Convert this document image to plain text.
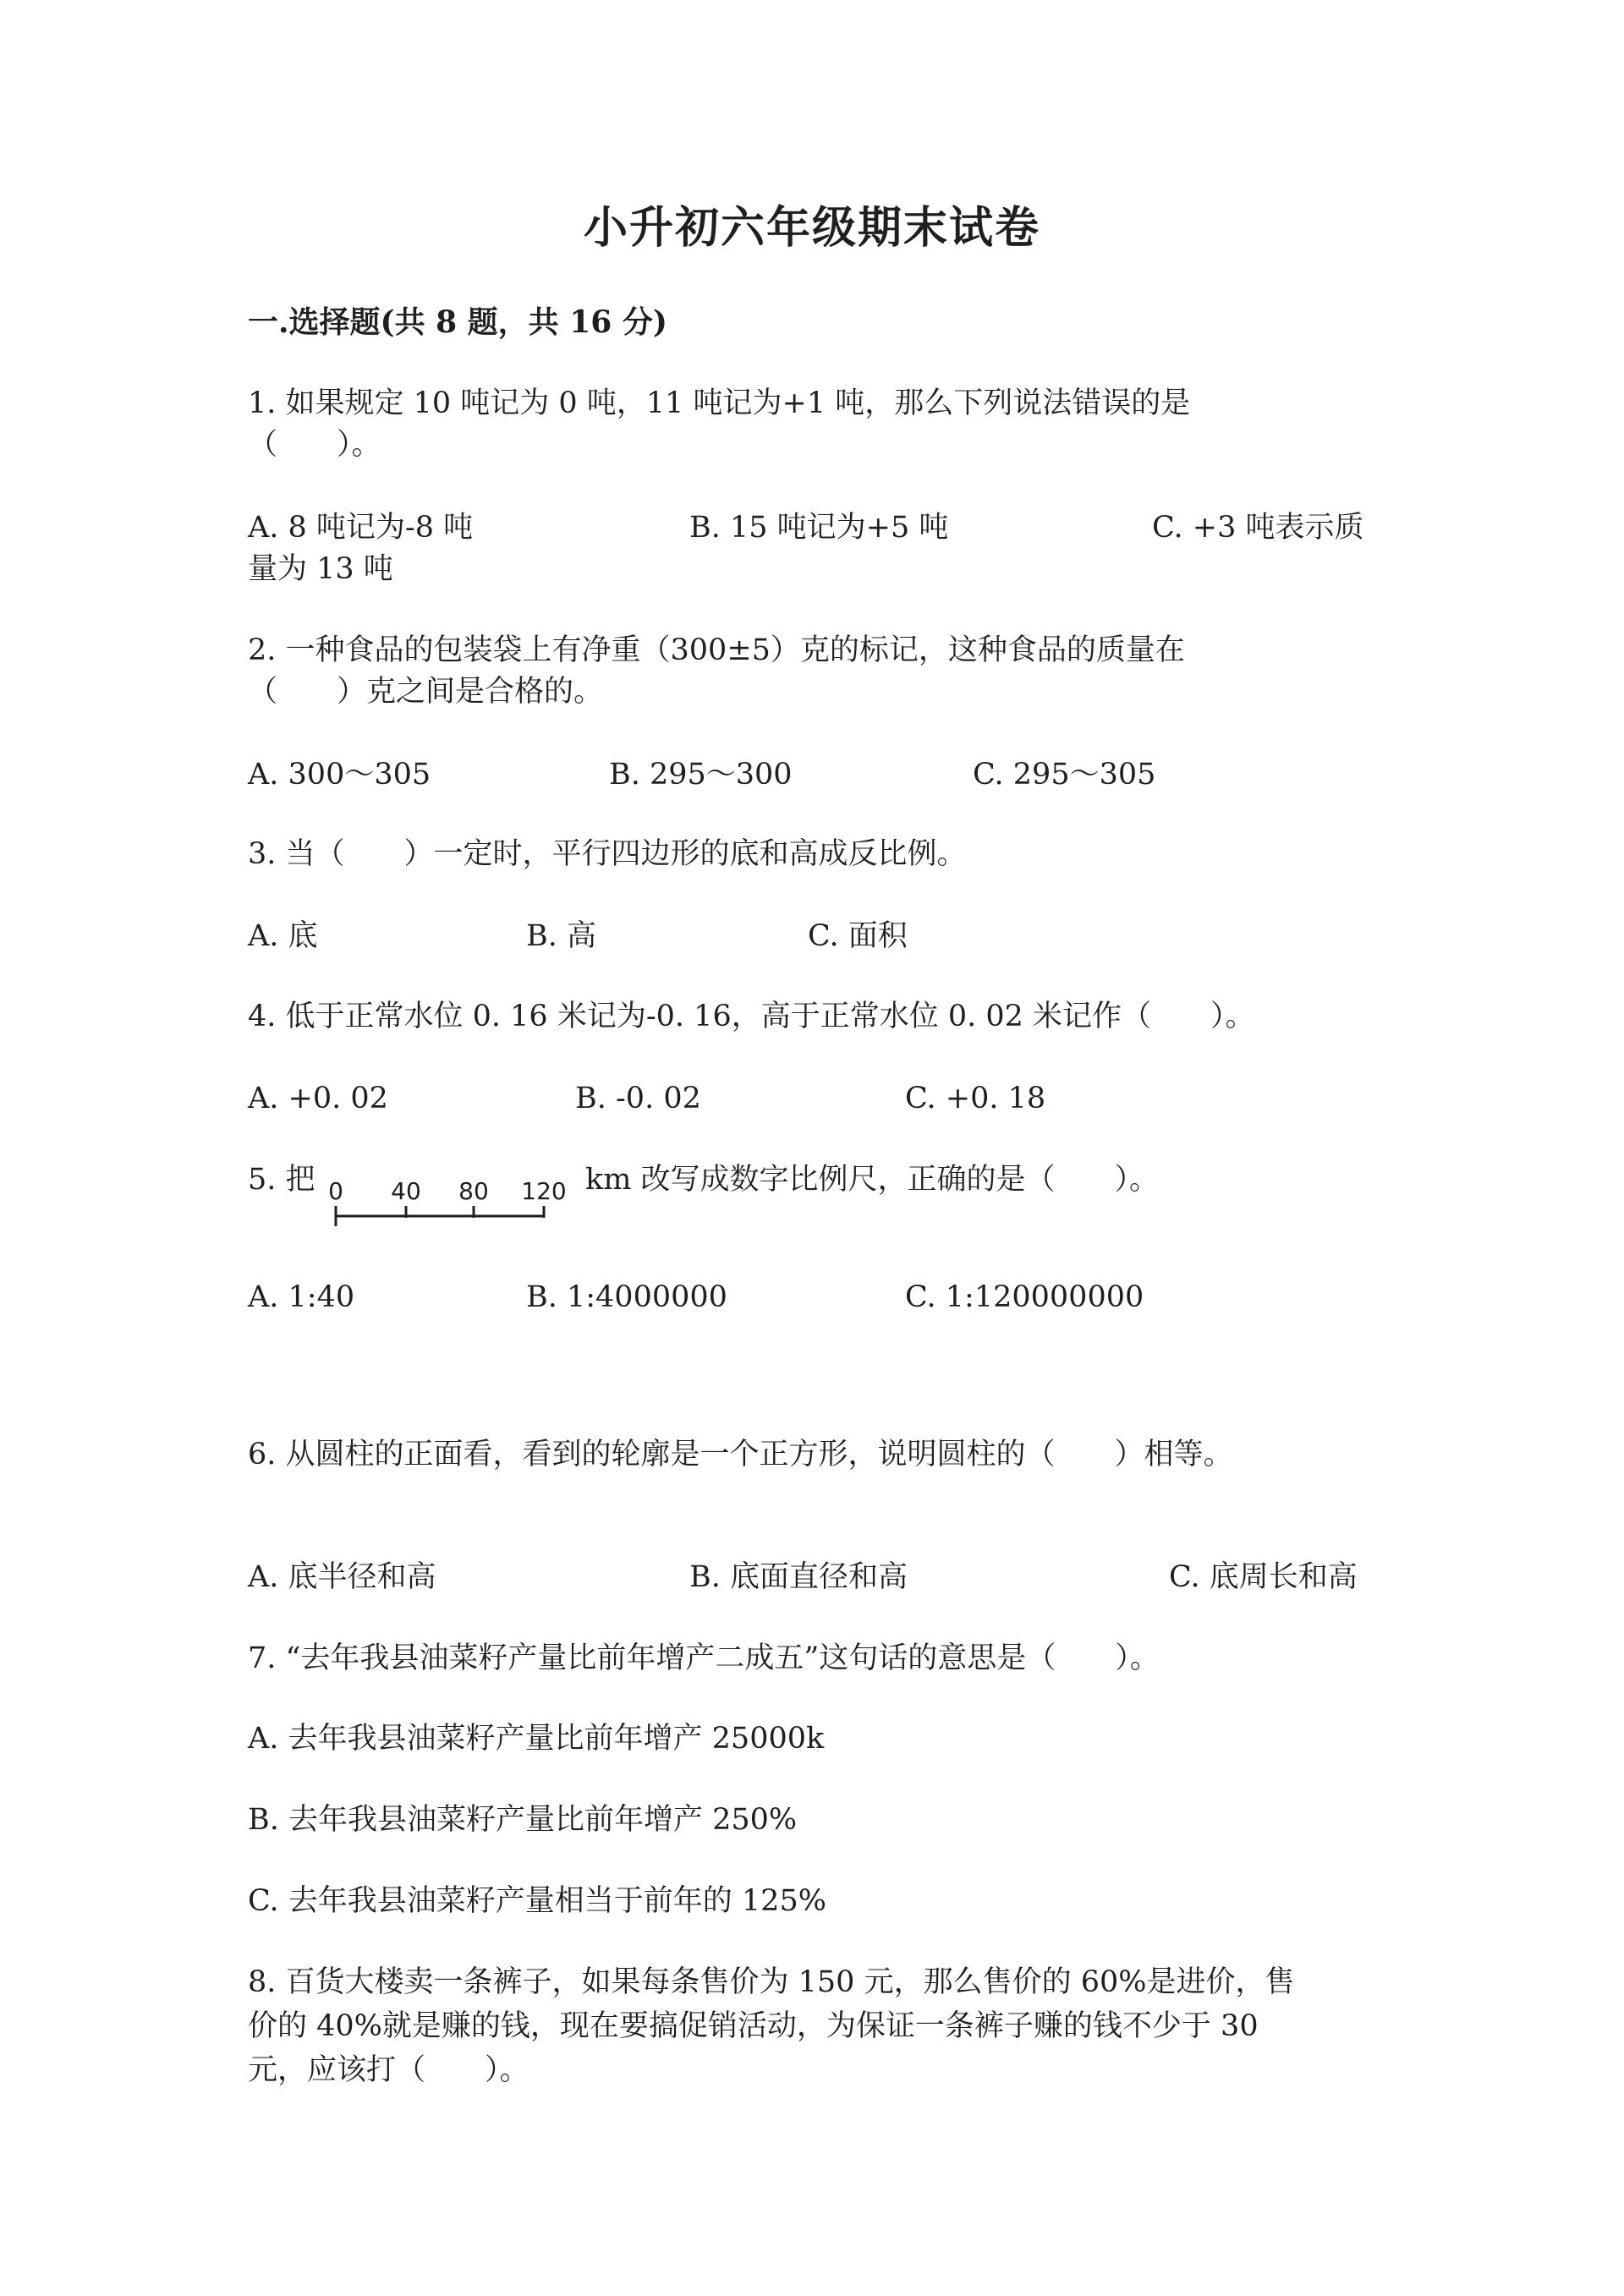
小升初六年级期末试卷
一.选择题(共 8 题，共 16 分)
1. 如果规定 10 吨记为 0 吨，11 吨记为+1 吨，那么下列说法错误的是
（　　）。
A. 8 吨记为-8 吨	B. 15 吨记为+5 吨	C. +3 吨表示质
量为 13 吨
2. 一种食品的包装袋上有净重（300±5）克的标记，这种食品的质量在
（　　）克之间是合格的。
A. 300～305	B. 295～300	C. 295～305
3. 当（　　）一定时，平行四边形的底和高成反比例。
A. 底	B. 高	C. 面积
4. 低于正常水位 0. 16 米记为-0. 16，高于正常水位 0. 02 米记作（　　）。
A. +0. 02	B. -0. 02	C. +0. 18
5. 把 0 40 80 120 km 改写成数字比例尺，正确的是（　　）。
A. 1:40	B. 1:4000000	C. 1:120000000
6. 从圆柱的正面看，看到的轮廓是一个正方形，说明圆柱的（　　）相等。
A. 底半径和高	B. 底面直径和高	C. 底周长和高
7. “去年我县油菜籽产量比前年增产二成五”这句话的意思是（　　）。
A. 去年我县油菜籽产量比前年增产 25000k
B. 去年我县油菜籽产量比前年增产 250%
C. 去年我县油菜籽产量相当于前年的 125%
8. 百货大楼卖一条裤子，如果每条售价为 150 元，那么售价的 60%是进价，售
价的 40%就是赚的钱，现在要搞促销活动，为保证一条裤子赚的钱不少于 30
元，应该打（　　）。
